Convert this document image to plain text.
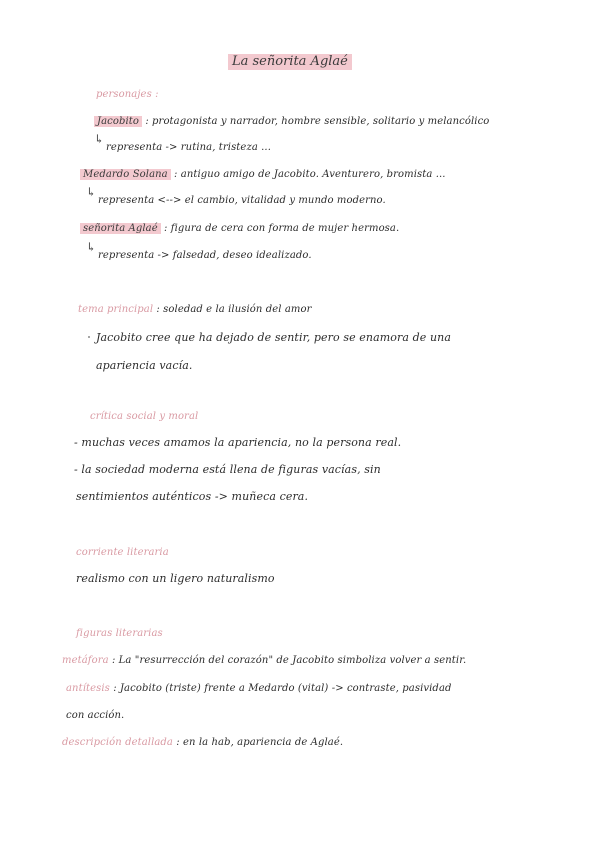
La señorita Aglaé
personajes :
Jacobito : protagonista y narrador, hombre sensible, solitario y melancólico
↳
representa -> rutina, tristeza ...
Medardo Solana : antiguo amigo de Jacobito. Aventurero, bromista ...
↳
representa <--> el cambio, vitalidad y mundo moderno.
señorita Aglaé : figura de cera con forma de mujer hermosa.
↳
representa -> falsedad, deseo idealizado.
tema principal : soledad e la ilusión del amor
Jacobito cree que ha dejado de sentir, pero se enamora de una
apariencia vacía.
crítica social y moral
- muchas veces amamos la apariencia, no la persona real.
- la sociedad moderna está llena de figuras vacías, sin
sentimientos auténticos -> muñeca cera.
corriente literaria
realismo con un ligero naturalismo
figuras literarias
metáfora : La "resurrección del corazón" de Jacobito simboliza volver a sentir.
antítesis : Jacobito (triste) frente a Medardo (vital) -> contraste, pasividad
con acción.
descripción detallada : en la hab, apariencia de Aglaé.
